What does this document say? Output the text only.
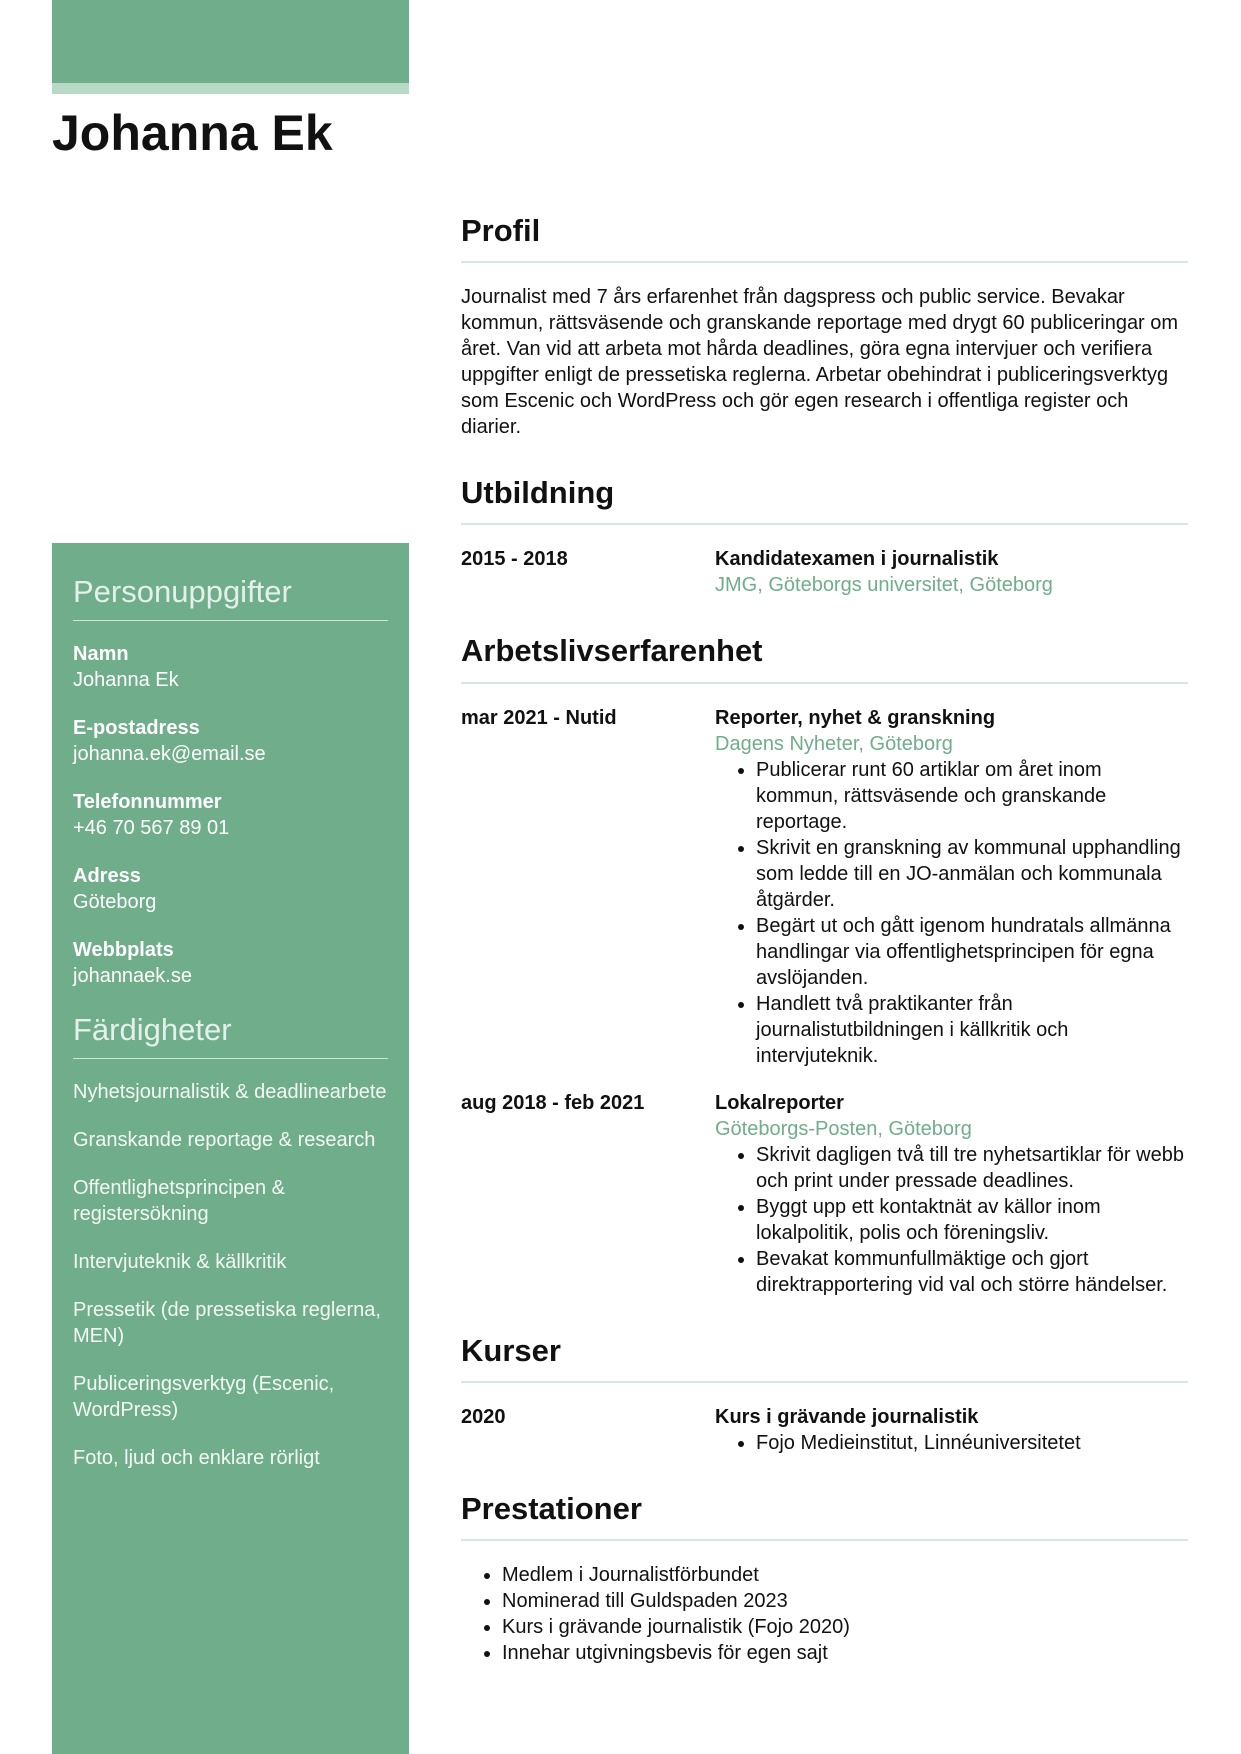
Johanna Ek
Personuppgifter
Namn
Johanna Ek
E-postadress
johanna.ek@email.se
Telefonnummer
+46 70 567 89 01
Adress
Göteborg
Webbplats
johannaek.se
Färdigheter
Nyhetsjournalistik & deadlinearbete
Granskande reportage & research
Offentlighetsprincipen & registersökning
Intervjuteknik & källkritik
Pressetik (de pressetiska reglerna, MEN)
Publiceringsverktyg (Escenic, WordPress)
Foto, ljud och enklare rörligt
Profil

Journalist med 7 års erfarenhet från dagspress och public service. Bevakar kommun, rättsväsende och granskande reportage med drygt 60 publiceringar om året. Van vid att arbeta mot hårda deadlines, göra egna intervjuer och verifiera uppgifter enligt de pressetiska reglerna. Arbetar obehindrat i publiceringsverktyg som Escenic och WordPress och gör egen research i offentliga register och diarier.

Utbildning
2015 - 2018	Kandidatexamen i journalistik
JMG, Göteborgs universitet, Göteborg
Arbetslivserfarenhet
mar 2021 - Nutid	Reporter, nyhet & granskning
Dagens Nyheter, Göteborg
• Publicerar runt 60 artiklar om året inom kommun, rättsväsende och granskande reportage.
• Skrivit en granskning av kommunal upphandling som ledde till en JO-anmälan och kommunala åtgärder.
• Begärt ut och gått igenom hundratals allmänna handlingar via offentlighetsprincipen för egna avslöjanden.
• Handlett två praktikanter från journalistutbildningen i källkritik och intervjuteknik.
aug 2018 - feb 2021	Lokalreporter
Göteborgs-Posten, Göteborg
• Skrivit dagligen två till tre nyhetsartiklar för webb och print under pressade deadlines.
• Byggt upp ett kontaktnät av källor inom lokalpolitik, polis och föreningsliv.
• Bevakat kommunfullmäktige och gjort direktrapportering vid val och större händelser.
Kurser
2020	Kurs i grävande journalistik
• Fojo Medieinstitut, Linnéuniversitetet
Prestationer
• Medlem i Journalistförbundet
• Nominerad till Guldspaden 2023
• Kurs i grävande journalistik (Fojo 2020)
• Innehar utgivningsbevis för egen sajt
